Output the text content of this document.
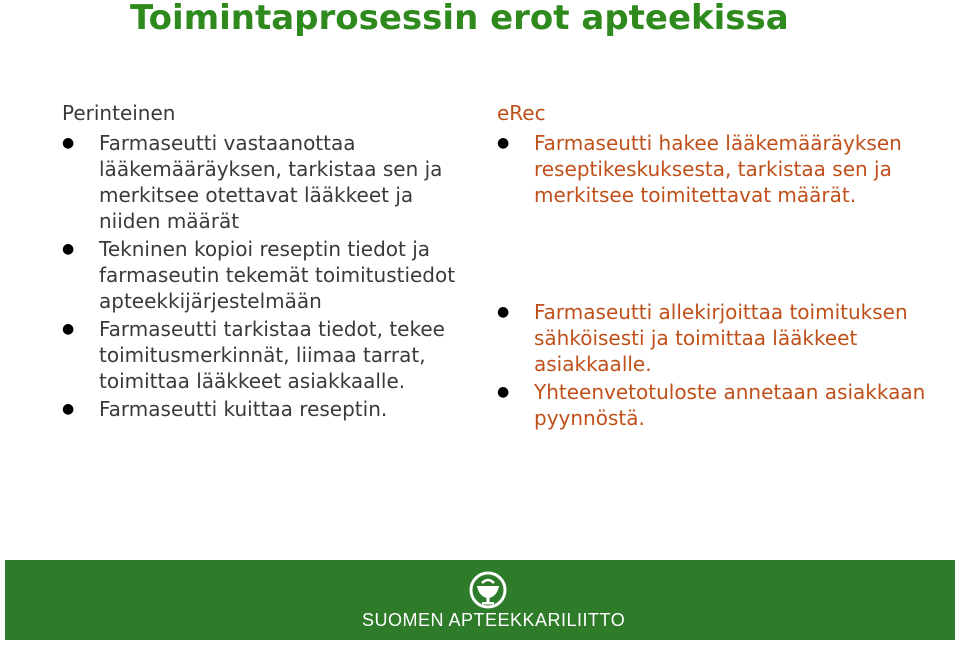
Toimintaprosessin erot apteekissa

Perinteinen

●	Farmaseutti vastaanottaa lääkemääräyksen, tarkistaa sen ja merkitsee otettavat lääkkeet ja niiden määrät
●	Tekninen kopioi reseptin tiedot ja farmaseutin tekemät toimitustiedot apteekkijärjestelmään
●	Farmaseutti tarkistaa tiedot, tekee toimitusmerkinnät, liimaa tarrat, toimittaa lääkkeet asiakkaalle.
●	Farmaseutti kuittaa reseptin.

eRec

●	Farmaseutti hakee lääkemääräyksen reseptikeskuksesta, tarkistaa sen ja merkitsee toimitettavat määrät.
●	Farmaseutti allekirjoittaa toimituksen sähköisesti ja toimittaa lääkkeet asiakkaalle.
●	Yhteenvetotuloste annetaan asiakkaan pyynnöstä.
SUOMEN APTEEKKARILIITTO
